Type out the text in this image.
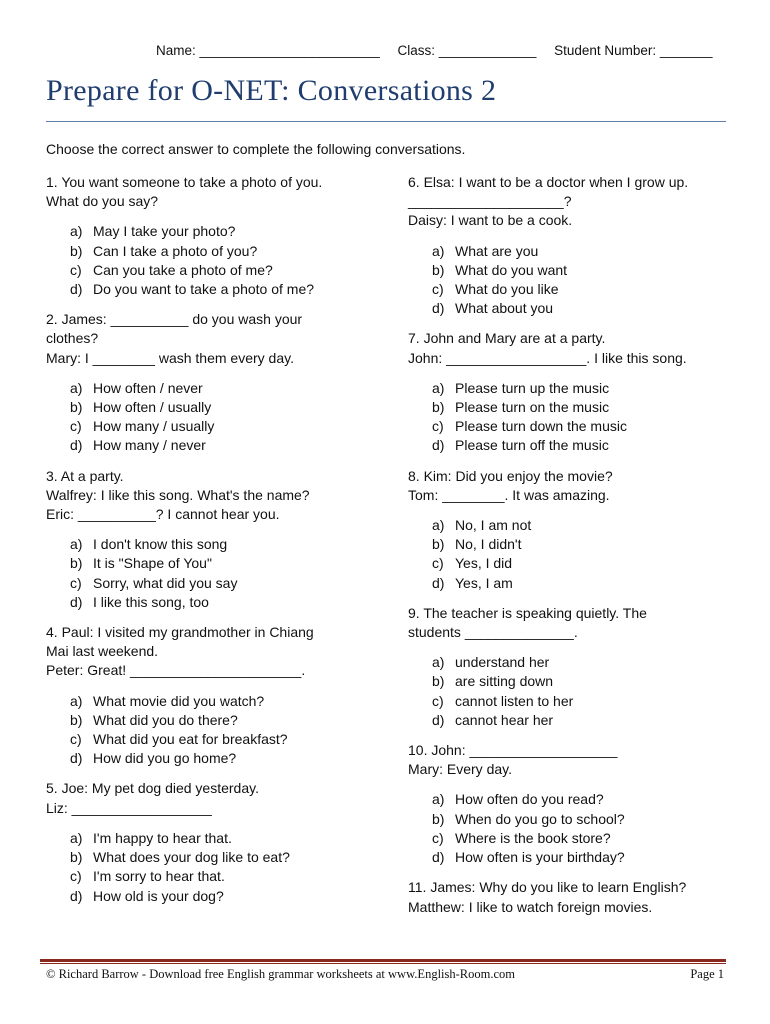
Name: ________________________ Class: _____________ Student Number: _______
Prepare for O-NET: Conversations 2
Choose the correct answer to complete the following conversations.
1. You want someone to take a photo of you.
What do you say?
a) May I take your photo?
b) Can I take a photo of you?
c) Can you take a photo of me?
d) Do you want to take a photo of me?
2. James: __________ do you wash your
clothes?
Mary: I ________ wash them every day.
a) How often / never
b) How often / usually
c) How many / usually
d) How many / never
3. At a party.
Walfrey: I like this song. What's the name?
Eric: __________? I cannot hear you.
a) I don't know this song
b) It is "Shape of You"
c) Sorry, what did you say
d) I like this song, too
4. Paul: I visited my grandmother in Chiang
Mai last weekend.
Peter: Great! ______________________.
a) What movie did you watch?
b) What did you do there?
c) What did you eat for breakfast?
d) How did you go home?
5. Joe: My pet dog died yesterday.
Liz: __________________
a) I'm happy to hear that.
b) What does your dog like to eat?
c) I'm sorry to hear that.
d) How old is your dog?
6. Elsa: I want to be a doctor when I grow up.
____________________?
Daisy: I want to be a cook.
a) What are you
b) What do you want
c) What do you like
d) What about you
7. John and Mary are at a party.
John: __________________. I like this song.
a) Please turn up the music
b) Please turn on the music
c) Please turn down the music
d) Please turn off the music
8. Kim: Did you enjoy the movie?
Tom: ________. It was amazing.
a) No, I am not
b) No, I didn't
c) Yes, I did
d) Yes, I am
9. The teacher is speaking quietly. The
students ______________.
a) understand her
b) are sitting down
c) cannot listen to her
d) cannot hear her
10. John: ___________________
Mary: Every day.
a) How often do you read?
b) When do you go to school?
c) Where is the book store?
d) How often is your birthday?
11. James: Why do you like to learn English?
Matthew: I like to watch foreign movies.
© Richard Barrow - Download free English grammar worksheets at www.English-Room.com	Page 1
